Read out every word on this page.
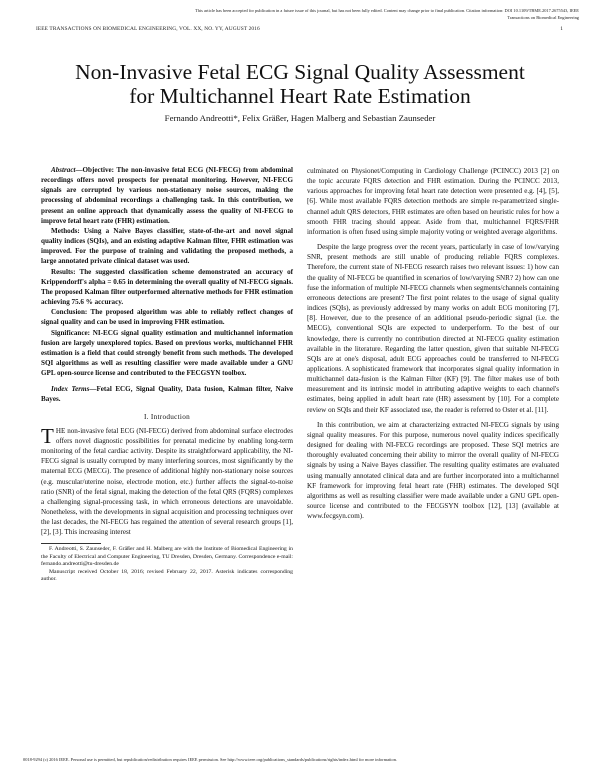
This article has been accepted for publication in a future issue of this journal, but has not been fully edited. Content may change prior to final publication. Citation information: DOI 10.1109/TBME.2017.2675543, IEEE
Transactions on Biomedical Engineering
IEEE TRANSACTIONS ON BIOMEDICAL ENGINEERING, VOL. XX, NO. YY, AUGUST 2016	1
Non-Invasive Fetal ECG Signal Quality Assessment
for Multichannel Heart Rate Estimation
Fernando Andreotti*, Felix Gräßer, Hagen Malberg and Sebastian Zaunseder

Abstract—Objective: The non-invasive fetal ECG (NI-FECG) from abdominal recordings offers novel prospects for prenatal monitoring. However, NI-FECG signals are corrupted by various non-stationary noise sources, making the processing of abdominal recordings a challenging task. In this contribution, we present an online approach that dynamically assess the quality of NI-FECG to improve fetal heart rate (FHR) estimation.

Methods: Using a Naive Bayes classifier, state-of-the-art and novel signal quality indices (SQIs), and an existing adaptive Kalman filter, FHR estimation was improved. For the purpose of training and validating the proposed methods, a large annotated private clinical dataset was used.

Results: The suggested classification scheme demonstrated an accuracy of Krippendorff's alpha = 0.65 in determining the overall quality of NI-FECG signals. The proposed Kalman filter outperformed alternative methods for FHR estimation achieving 75.6 % accuracy.

Conclusion: The proposed algorithm was able to reliably reflect changes of signal quality and can be used in improving FHR estimation.

Significance: NI-ECG signal quality estimation and multichannel information fusion are largely unexplored topics. Based on previous works, multichannel FHR estimation is a field that could strongly benefit from such methods. The developed SQI algorithms as well as resulting classifier were made available under a GNU GPL open-source license and contributed to the FECGSYN toolbox.

Index Terms—Fetal ECG, Signal Quality, Data fusion, Kalman filter, Naive Bayes.

I. Introduction

THE non-invasive fetal ECG (NI-FECG) derived from abdominal surface electrodes offers novel diagnostic possibilities for prenatal medicine by enabling long-term monitoring of the fetal cardiac activity. Despite its straightforward applicability, the NI-FECG signal is usually corrupted by many interfering sources, most significantly by the maternal ECG (MECG). The presence of additional highly non-stationary noise sources (e.g. muscular/uterine noise, electrode motion, etc.) further affects the signal-to-noise ratio (SNR) of the fetal signal, making the detection of the fetal QRS (FQRS) complexes a challenging signal-processing task, in which erroneous detections are unavoidable. Nonetheless, with the developments in signal acquisition and processing techniques over the last decades, the NI-FECG has regained the attention of several research groups [1], [2], [3]. This increasing interest

F. Andreotti, S. Zaunseder, F. Gräßer and H. Malberg are with the Institute of Biomedical Engineering in the Faculty of Electrical and Computer Engineering, TU Dresden, Dresden, Germany. Correspondence e-mail: fernando.andreotti@tu-dresden.de

Manuscript received October 18, 2016; revised February 22, 2017. Asterisk indicates corresponding author.

culminated on Physionet/Computing in Cardiology Challenge (PCINCC) 2013 [2] on the topic accurate FQRS detection and FHR estimation. During the PCINCC 2013, various approaches for improving fetal heart rate detection were presented e.g. [4], [5], [6]. While most available FQRS detection methods are simple re-parametrized single-channel adult QRS detectors, FHR estimates are often based on heuristic rules for how a smooth FHR tracing should appear. Aside from that, multichannel FQRS/FHR information is often fused using simple majority voting or weighted average algorithms.

Despite the large progress over the recent years, particularly in case of low/varying SNR, present methods are still unable of producing reliable FQRS complexes. Therefore, the current state of NI-FECG research raises two relevant issues: 1) how can the quality of NI-FECG be quantified in scenarios of low/varying SNR? 2) how can one fuse the information of multiple NI-FECG channels when segments/channels containing erroneous detections are present? The first point relates to the usage of signal quality indices (SQIs), as previously addressed by many works on adult ECG monitoring [7], [8]. However, due to the presence of an additional pseudo-periodic signal (i.e. the MECG), conventional SQIs are expected to underperform. To the best of our knowledge, there is currently no contribution directed at NI-FECG quality estimation available in the literature. Regarding the latter question, given that suitable NI-FECG SQIs are at one's disposal, adult ECG approaches could be transferred to NI-FECG applications. A sophisticated framework that incorporates signal quality information in multichannel data-fusion is the Kalman Filter (KF) [9]. The filter makes use of both measurement and its intrinsic model in attributing adaptive weights to each channel's estimates, being applied in adult heart rate (HR) assessment by [10]. For a complete review on SQIs and their KF associated use, the reader is referred to Oster et al. [11].

In this contribution, we aim at characterizing extracted NI-FECG signals by using signal quality measures. For this purpose, numerous novel quality indices specifically designed for dealing with NI-FECG recordings are proposed. These SQI metrics are thoroughly evaluated concerning their ability to mirror the overall quality of NI-FECG signals by using a Naive Bayes classifier. The resulting quality estimates are evaluated using manually annotated clinical data and are further incorporated into a multichannel KF framework for improving fetal heart rate (FHR) estimates. The developed SQI algorithms as well as resulting classifier were made available under a GNU GPL open-source license and contributed to the FECGSYN toolbox [12], [13] (available at www.fecgsyn.com).

0018-9294 (c) 2016 IEEE. Personal use is permitted, but republication/redistribution requires IEEE permission. See http://www.ieee.org/publications_standards/publications/rights/index.html for more information.
